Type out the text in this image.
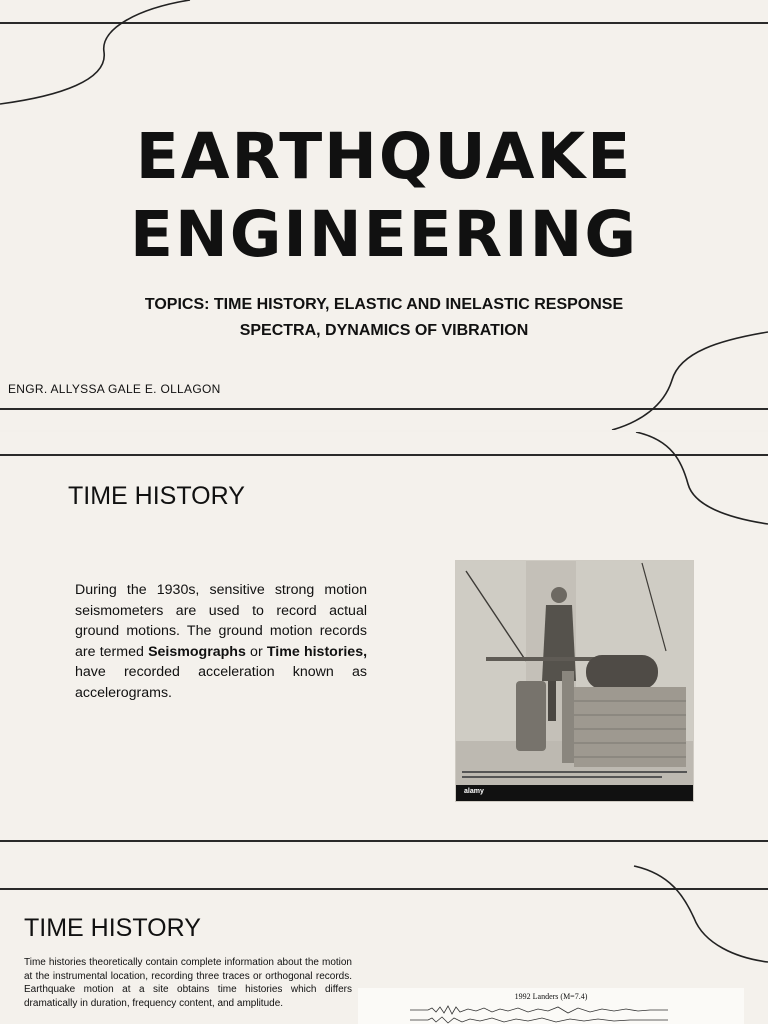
EARTHQUAKE
ENGINEERING
TOPICS: TIME HISTORY, ELASTIC AND INELASTIC RESPONSE
SPECTRA, DYNAMICS OF VIBRATION
ENGR. ALLYSSA GALE E. OLLAGON
TIME HISTORY
During the 1930s, sensitive strong motion seismometers are used to record actual ground motions. The ground motion records are termed Seismographs or Time histories, have recorded acceleration known as accelerograms.
alamy
TIME HISTORY
Time histories theoretically contain complete information about the motion at the instrumental location, recording three traces or orthogonal records. Earthquake motion at a site obtains time histories which differs dramatically in duration, frequency content, and amplitude.
1992 Landers (M=7.4)
